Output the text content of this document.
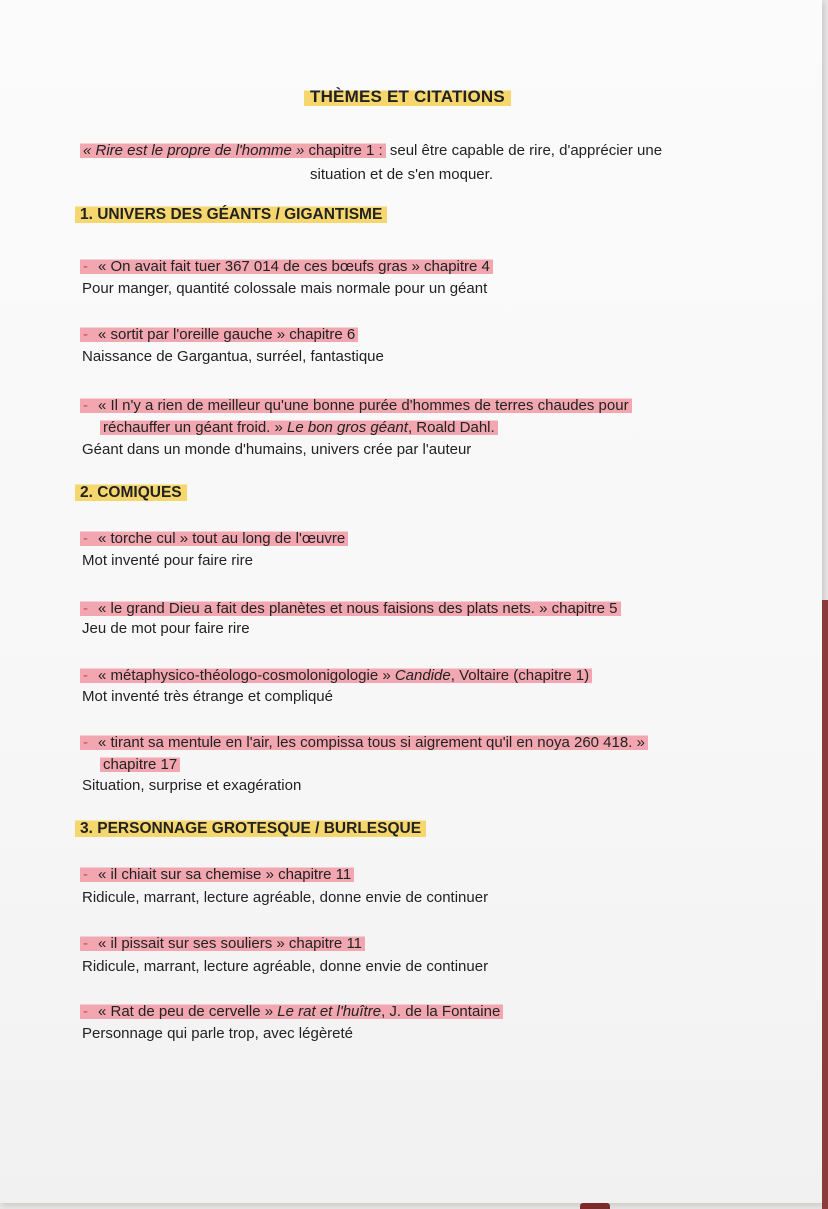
THÈMES ET CITATIONS
« Rire est le propre de l'homme » chapitre 1 : seul être capable de rire, d'apprécier une
situation et de s'en moquer.
1. UNIVERS DES GÉANTS / GIGANTISME
- « On avait fait tuer 367 014 de ces bœufs gras » chapitre 4
Pour manger, quantité colossale mais normale pour un géant
- « sortit par l'oreille gauche » chapitre 6
Naissance de Gargantua, surréel, fantastique
- « Il n'y a rien de meilleur qu'une bonne purée d'hommes de terres chaudes pour
réchauffer un géant froid. » Le bon gros géant, Roald Dahl.
Géant dans un monde d'humains, univers crée par l'auteur
2. COMIQUES
- « torche cul » tout au long de l'œuvre
Mot inventé pour faire rire
- « le grand Dieu a fait des planètes et nous faisions des plats nets. » chapitre 5
Jeu de mot pour faire rire
- « métaphysico-théologo-cosmolonigologie » Candide, Voltaire (chapitre 1)
Mot inventé très étrange et compliqué
- « tirant sa mentule en l'air, les compissa tous si aigrement qu'il en noya 260 418. »
chapitre 17
Situation, surprise et exagération
3. PERSONNAGE GROTESQUE / BURLESQUE
- « il chiait sur sa chemise » chapitre 11
Ridicule, marrant, lecture agréable, donne envie de continuer
- « il pissait sur ses souliers » chapitre 11
Ridicule, marrant, lecture agréable, donne envie de continuer
- « Rat de peu de cervelle » Le rat et l'huître, J. de la Fontaine
Personnage qui parle trop, avec légèreté
